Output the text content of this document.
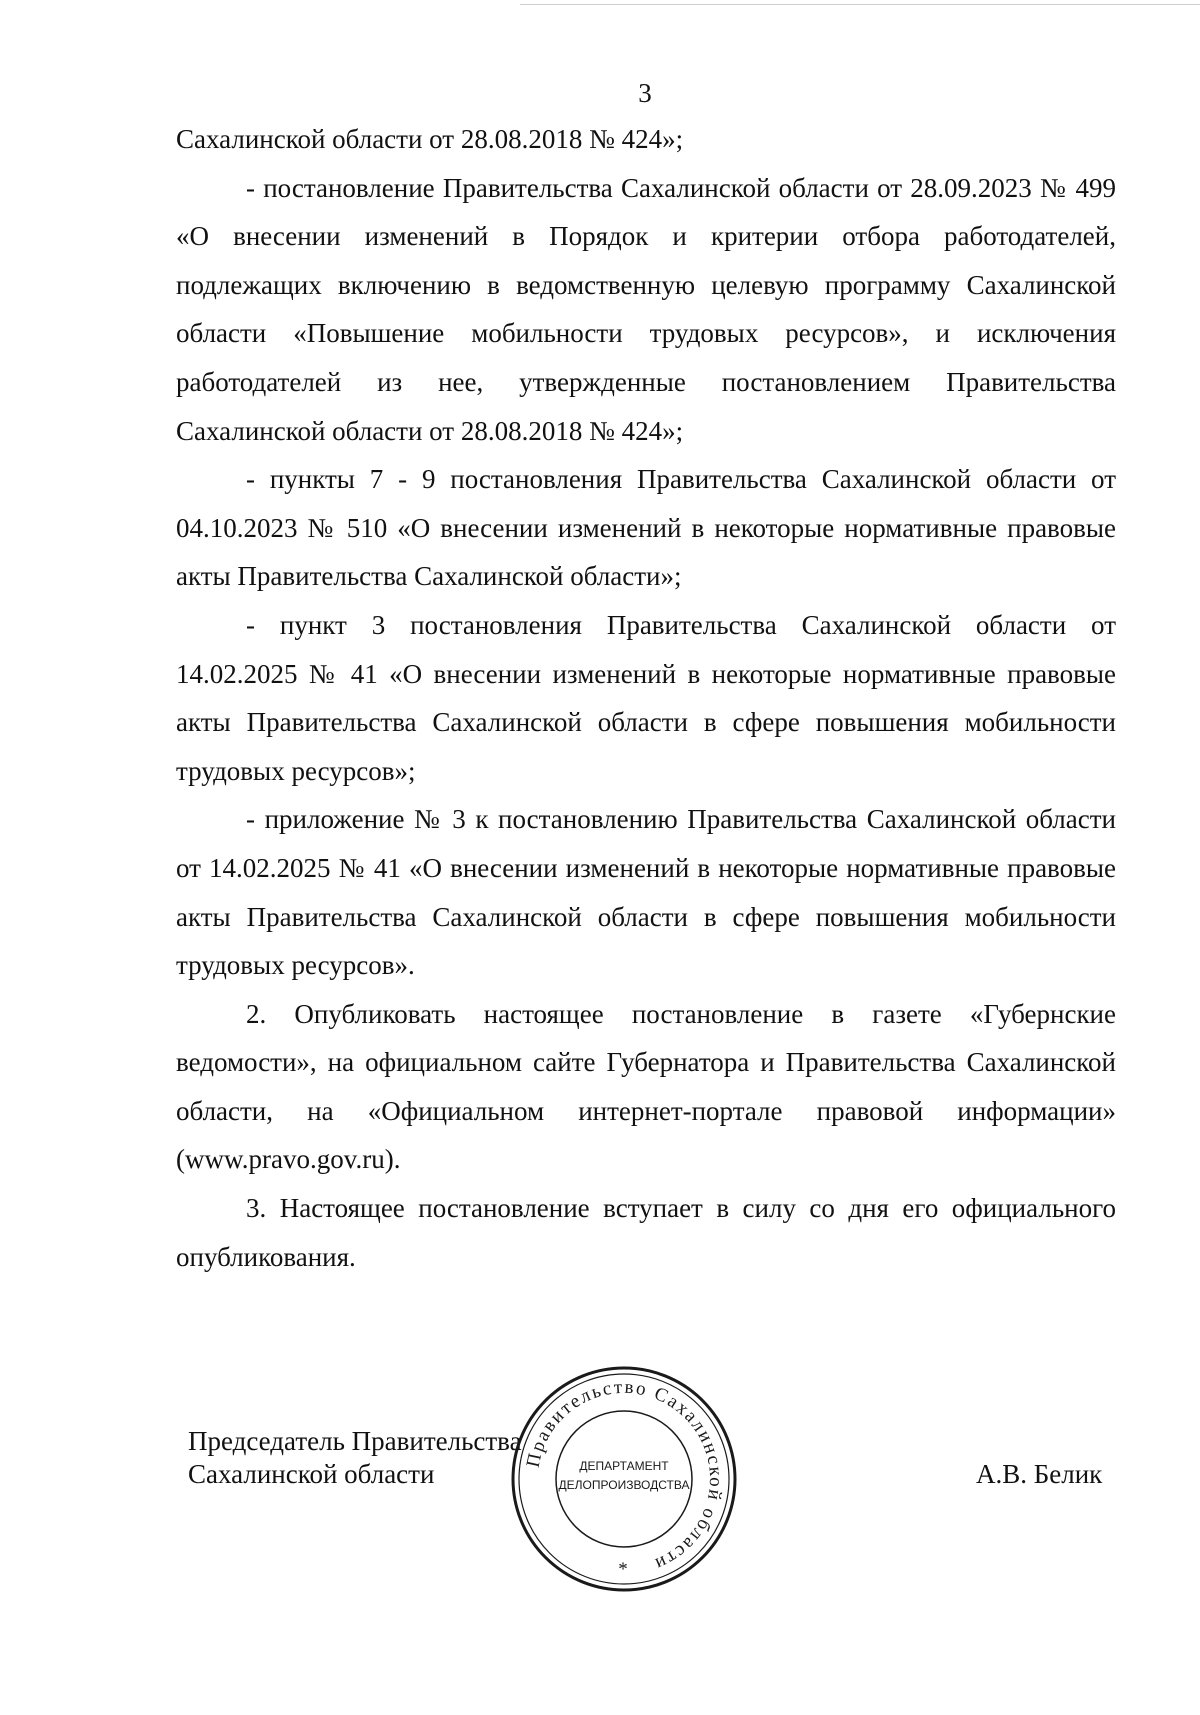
3

Сахалинской области от 28.08.2018 № 424»;

- постановление Правительства Сахалинской области от 28.09.2023 № 499 «О внесении изменений в Порядок и критерии отбора работодателей, подлежащих включению в ведомственную целевую программу Сахалинской области «Повышение мобильности трудовых ресурсов», и исключения работодателей из нее, утвержденные постановлением Правительства Сахалинской области от 28.08.2018 № 424»;

- пункты 7 - 9 постановления Правительства Сахалинской области от 04.10.2023 № 510 «О внесении изменений в некоторые нормативные правовые акты Правительства Сахалинской области»;

- пункт 3 постановления Правительства Сахалинской области от 14.02.2025 № 41 «О внесении изменений в некоторые нормативные правовые акты Правительства Сахалинской области в сфере повышения мобильности трудовых ресурсов»;

- приложение № 3 к постановлению Правительства Сахалинской области от 14.02.2025 № 41 «О внесении изменений в некоторые нормативные правовые акты Правительства Сахалинской области в сфере повышения мобильности трудовых ресурсов».

2. Опубликовать настоящее постановление в газете «Губернские ведомости», на официальном сайте Губернатора и Правительства Сахалинской области, на «Официальном интернет-портале правовой информации» (www.pravo.gov.ru).

3. Настоящее постановление вступает в силу со дня его официального опубликования.

Председатель Правительства
Сахалинской области	Правительство Сахалинской области
ДЕПАРТАМЕНТ
ДЕЛОПРОИЗВОДСТВА
*
А.В. Белик
